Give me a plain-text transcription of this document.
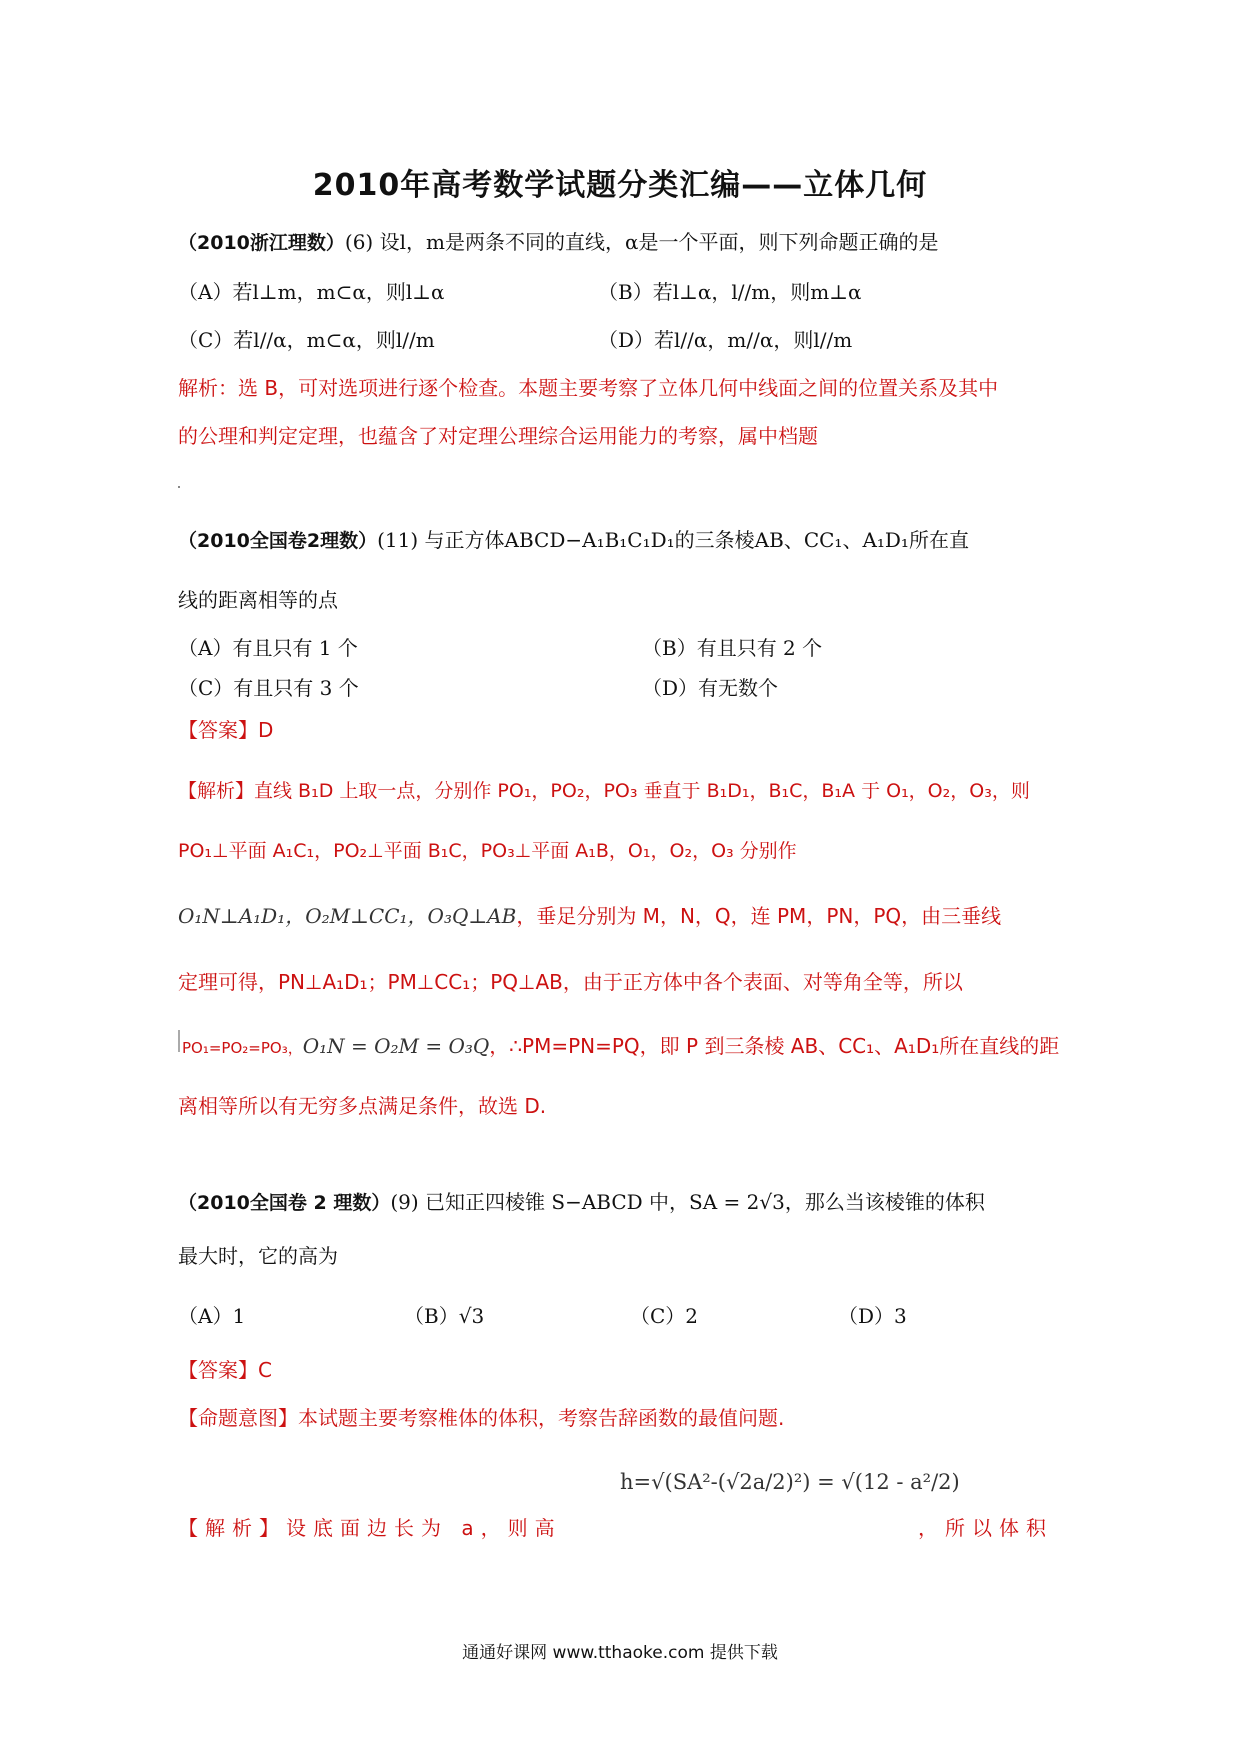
2010年高考数学试题分类汇编——立体几何
（2010浙江理数）(6) 设l，m是两条不同的直线，α是一个平面，则下列命题正确的是
（A）若l⊥m，m⊂α，则l⊥α	（B）若l⊥α，l//m，则m⊥α
（C）若l//α，m⊂α，则l//m	（D）若l//α，m//α，则l//m
解析：选 B，可对选项进行逐个检查。本题主要考察了立体几何中线面之间的位置关系及其中
的公理和判定定理，也蕴含了对定理公理综合运用能力的考察，属中档题
（2010全国卷2理数）(11) 与正方体ABCD−A₁B₁C₁D₁的三条棱AB、CC₁、A₁D₁所在直
线的距离相等的点
（A）有且只有 1 个	（B）有且只有 2 个
（C）有且只有 3 个	（D）有无数个
【答案】D
【解析】直线 B₁D 上取一点，分别作 PO₁，PO₂，PO₃ 垂直于 B₁D₁，B₁C，B₁A 于 O₁，O₂，O₃，则
PO₁⊥平面 A₁C₁，PO₂⊥平面 B₁C，PO₃⊥平面 A₁B，O₁，O₂，O₃ 分别作
O₁N⊥A₁D₁，O₂M⊥CC₁，O₃Q⊥AB，垂足分别为 M，N，Q，连 PM，PN，PQ，由三垂线
定理可得，PN⊥A₁D₁；PM⊥CC₁；PQ⊥AB，由于正方体中各个表面、对等角全等，所以
PO₁=PO₂=PO₃，O₁N = O₂M = O₃Q，∴PM=PN=PQ，即 P 到三条棱 AB、CC₁、A₁D₁所在直线的距
离相等所以有无穷多点满足条件，故选 D.
（2010全国卷 2 理数）(9) 已知正四棱锥 S−ABCD 中，SA = 2√3，那么当该棱锥的体积
最大时，它的高为
（A）1	（B）√3	（C）2	（D）3
【答案】C
【命题意图】本试题主要考察椎体的体积，考察告辞函数的最值问题.
【解析】设底面边长为 a，则高
h=√(SA²-(√2a/2)²) = √(12 - a²/2)
，所以体积
通通好课网 www.tthaoke.com 提供下载
